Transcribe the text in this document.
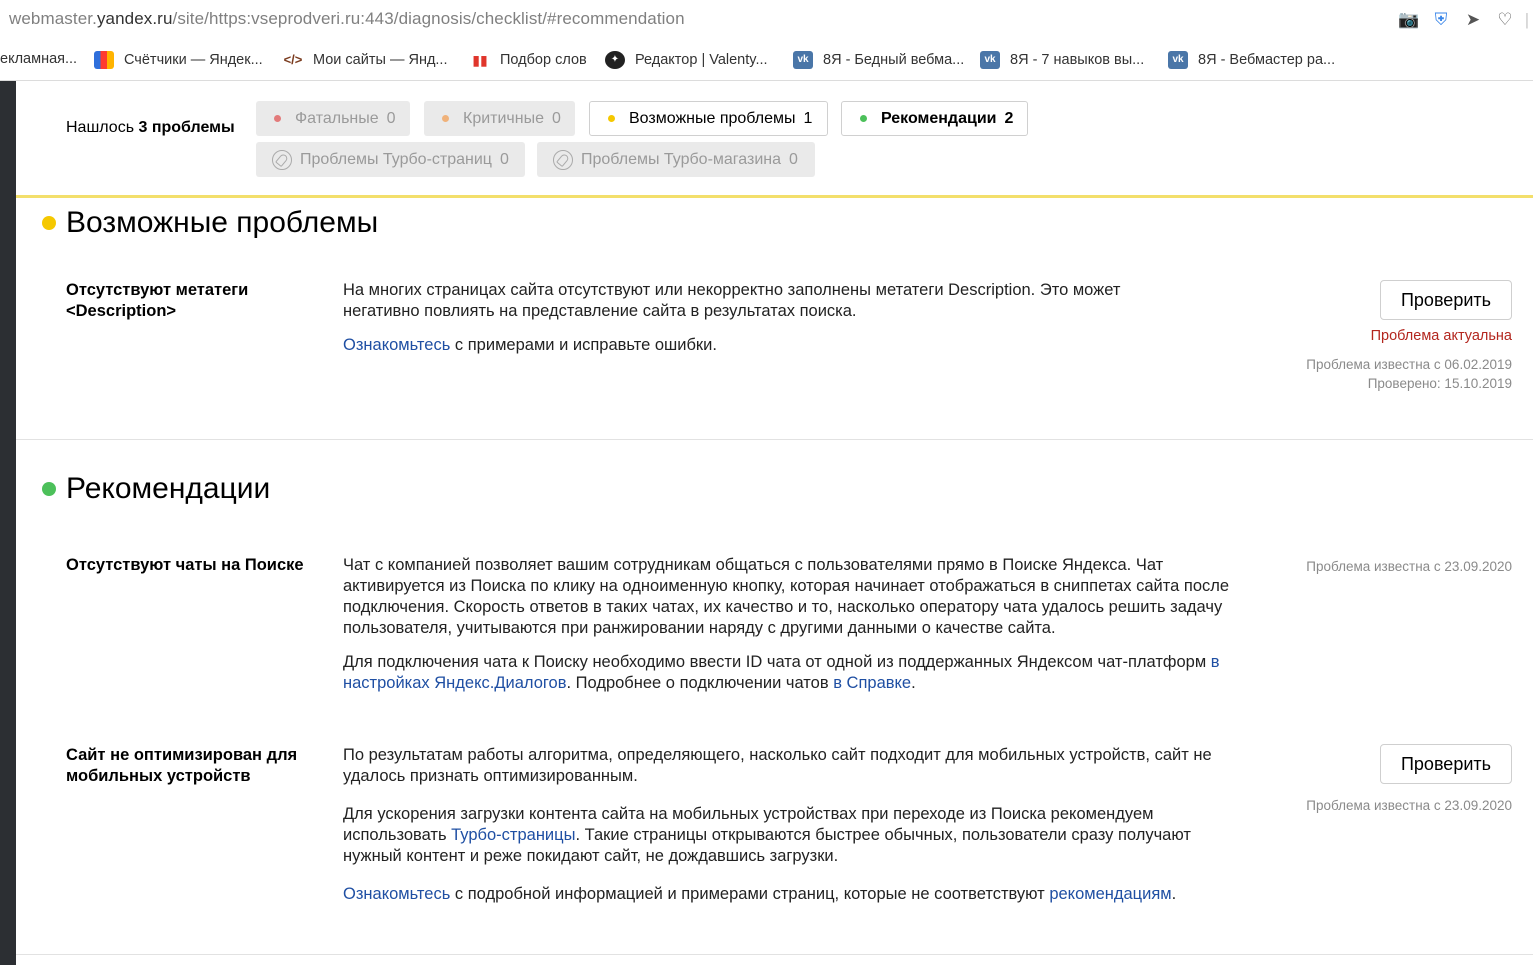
webmaster.yandex.ru/site/https:vseprodveri.ru:443/diagnosis/checklist/#recommendation	📷 ⛨	➤	♡ |
екламная...	Счётчики — Яндек... </> Мои сайты — Янд... ▮▮ Подбор слов	✦	Редактор | Valenty...	vk 8Я - Бедный вебма...	vk 8Я - 7 навыков вы...	vk 8Я - Вебмастер ра...
Нашлось 3 проблемы
Фатальные 0	Критичные 0	Возможные проблемы 1	Рекомендации 2
Проблемы Турбо-страниц 0	Проблемы Турбо-магазина 0
Возможные проблемы
Отсутствуют метатеги <Description>

На многих страницах сайта отсутствуют или некорректно заполнены метатеги Description. Это может негативно повлиять на представление сайта в результатах поиска.

Ознакомьтесь с примерами и исправьте ошибки.

Проверить
Проблема актуальна
Проблема известна с 06.02.2019
Проверено: 15.10.2019
Рекомендации
Отсутствуют чаты на Поиске	Чат с компанией позволяет вашим сотрудникам общаться с пользователями прямо в Поиске Яндекса. Чат активируется из Поиска по клику на одноименную кнопку, которая начинает отображаться в сниппетах сайта после подключения. Скорость ответов в таких чатах, их качество и то, насколько оператору чата удалось решить задачу пользователя, учитываются при ранжировании наряду с другими данными о качестве сайта.

Для подключения чата к Поиску необходимо ввести ID чата от одной из поддержанных Яндексом чат-платформ в настройках Яндекс.Диалогов. Подробнее о подключении чатов в Справке.

Проблема известна с 23.09.2020
Сайт не оптимизирован для мобильных устройств

По результатам работы алгоритма, определяющего, насколько сайт подходит для мобильных устройств, сайт не удалось признать оптимизированным.

Для ускорения загрузки контента сайта на мобильных устройствах при переходе из Поиска рекомендуем использовать Турбо-страницы. Такие страницы открываются быстрее обычных, пользователи сразу получают нужный контент и реже покидают сайт, не дождавшись загрузки.

Ознакомьтесь с подробной информацией и примерами страниц, которые не соответствуют рекомендациям.

Проверить
Проблема известна с 23.09.2020
